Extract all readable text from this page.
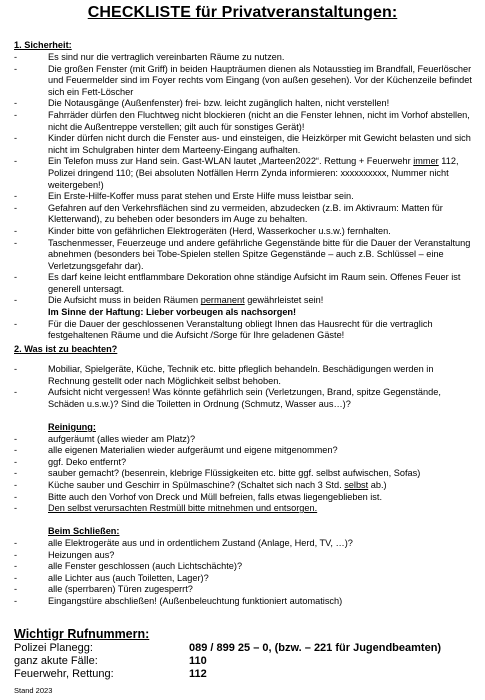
CHECKLISTE für Privatveranstaltungen:
1. Sicherheit:
-	Es sind nur die vertraglich vereinbarten Räume zu nutzen.
-	Die großen Fenster (mit Griff) in beiden Haupträumen dienen als Notausstieg im Brandfall, Feuerlöscher und Feuermelder sind im Foyer rechts vom Eingang (von außen gesehen). Vor der Küchenzeile befindet sich ein Fett-Löscher
-	Die Notausgänge (Außenfenster) frei- bzw. leicht zugänglich halten, nicht verstellen!
-	Fahrräder dürfen den Fluchtweg nicht blockieren (nicht an die Fenster lehnen, nicht im Vorhof abstellen, nicht die Außentreppe verstellen; gilt auch für sonstiges Gerät)!
-	Kinder dürfen nicht durch die Fenster aus- und einsteigen, die Heizkörper mit Gewicht belasten und sich nicht im Schulgraben hinter dem Marteeny-Eingang aufhalten.
-	Ein Telefon muss zur Hand sein. Gast-WLAN lautet „Marteen2022“. Rettung + Feuerwehr immer 112, Polizei dringend 110; (Bei absoluten Notfällen Herrn Zynda informieren: xxxxxxxxxx, Nummer nicht weitergeben!)
-	Ein Erste-Hilfe-Koffer muss parat stehen und Erste Hilfe muss leistbar sein.
-	Gefahren auf den Verkehrsflächen sind zu vermeiden, abzudecken (z.B. im Aktivraum: Matten für Kletterwand), zu beheben oder besonders im Auge zu behalten.
-	Kinder bitte von gefährlichen Elektrogeräten (Herd, Wasserkocher u.s.w.) fernhalten.
-	Taschenmesser, Feuerzeuge und andere gefährliche Gegenstände bitte für die Dauer der Veranstaltung abnehmen (besonders bei Tobe-Spielen stellen Spitze Gegenstände – auch z.B. Schlüssel – eine Verletzungsgefahr dar).
-	Es darf keine leicht entflammbare Dekoration ohne ständige Aufsicht im Raum sein. Offenes Feuer ist generell untersagt.
-	Die Aufsicht muss in beiden Räumen permanent gewährleistet sein!
Im Sinne der Haftung: Lieber vorbeugen als nachsorgen!
-	Für die Dauer der geschlossenen Veranstaltung obliegt Ihnen das Hausrecht für die vertraglich festgehaltenen Räume und die Aufsicht /Sorge für Ihre geladenen Gäste!
2. Was ist zu beachten?
-	Mobiliar, Spielgeräte, Küche, Technik etc. bitte pfleglich behandeln. Beschädigungen werden in Rechnung gestellt oder nach Möglichkeit selbst behoben.
-	Aufsicht nicht vergessen! Was könnte gefährlich sein (Verletzungen, Brand, spitze Gegenstände, Schäden u.s.w.)? Sind die Toiletten in Ordnung (Schmutz, Wasser aus…)?
Reinigung:
-	aufgeräumt (alles wieder am Platz)?
-	alle eigenen Materialien wieder aufgeräumt und eigene mitgenommen?
-	ggf. Deko entfernt?
-	sauber gemacht? (besenrein, klebrige Flüssigkeiten etc. bitte ggf. selbst aufwischen, Sofas)
-	Küche sauber und Geschirr in Spülmaschine? (Schaltet sich nach 3 Std. selbst ab.)
-	Bitte auch den Vorhof von Dreck und Müll befreien, falls etwas liegengeblieben ist.
-	Den selbst verursachten Restmüll bitte mitnehmen und entsorgen.
Beim Schließen:
-	alle Elektrogeräte aus und in ordentlichem Zustand (Anlage, Herd, TV, …)?
-	Heizungen aus?
-	alle Fenster geschlossen (auch Lichtschächte)?
-	alle Lichter aus (auch Toiletten, Lager)?
-	alle (sperrbaren) Türen zugesperrt?
-	Eingangstüre abschließen! (Außenbeleuchtung funktioniert automatisch)
Wichtigr Rufnummern:
Polizei Planegg:	089 / 899 25 – 0, (bzw. – 221 für Jugendbeamten)
ganz akute Fälle:	110
Feuerwehr, Rettung:	112
Stand 2023
